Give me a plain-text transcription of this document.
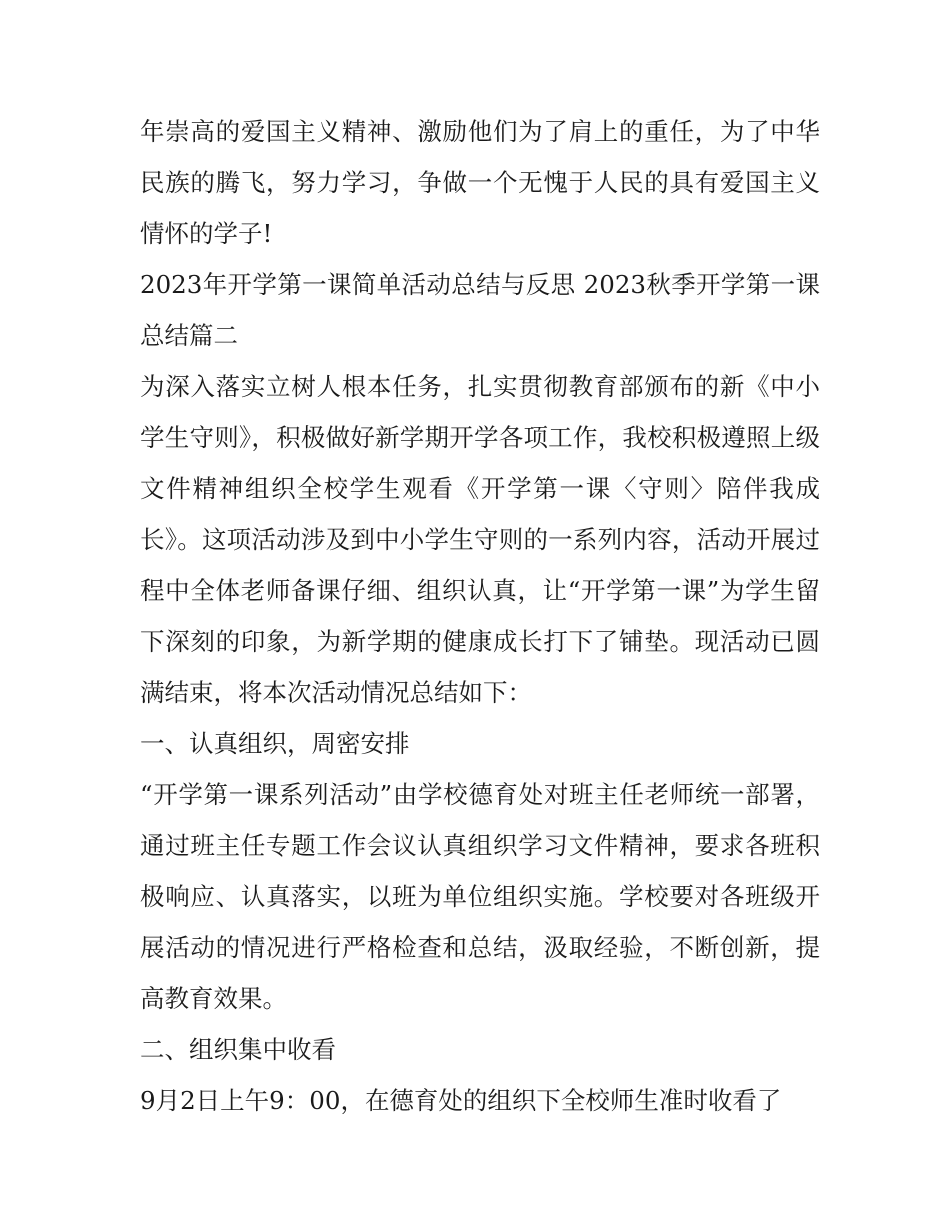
年崇高的爱国主义精神、激励他们为了肩上的重任，为了中华民族的腾飞，努力学习，争做一个无愧于人民的具有爱国主义情怀的学子!

2023年开学第一课简单活动总结与反思 2023秋季开学第一课总结篇二

为深入落实立树人根本任务，扎实贯彻教育部颁布的新《中小学生守则》，积极做好新学期开学各项工作，我校积极遵照上级文件精神组织全校学生观看《开学第一课〈守则〉陪伴我成长》。这项活动涉及到中小学生守则的一系列内容，活动开展过程中全体老师备课仔细、组织认真，让“开学第一课”为学生留下深刻的印象，为新学期的健康成长打下了铺垫。现活动已圆满结束，将本次活动情况总结如下：

一、认真组织，周密安排

“开学第一课系列活动”由学校德育处对班主任老师统一部署，通过班主任专题工作会议认真组织学习文件精神，要求各班积极响应、认真落实，以班为单位组织实施。学校要对各班级开展活动的情况进行严格检查和总结，汲取经验，不断创新，提高教育效果。

二、组织集中收看

9月2日上午9：00，在德育处的组织下全校师生准时收看了
